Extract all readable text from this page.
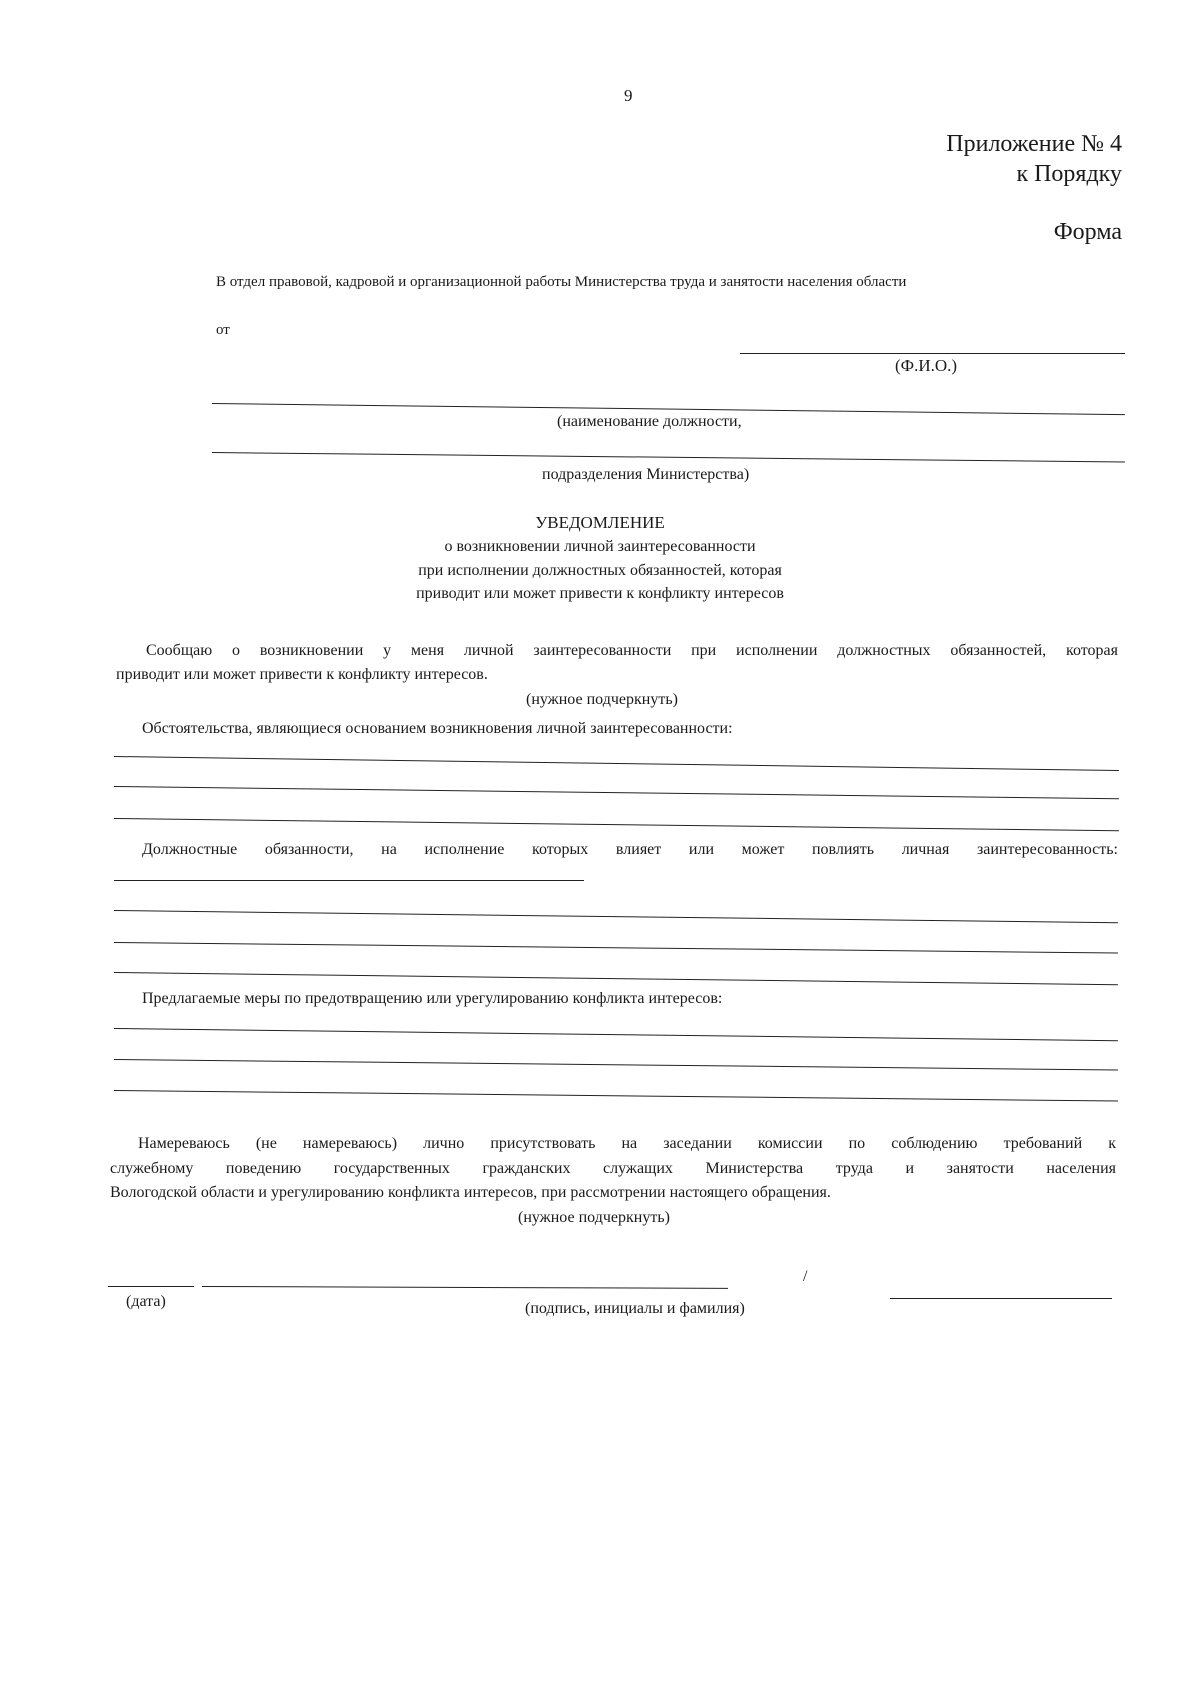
9
Приложение № 4
к Порядку
Форма
В отдел правовой, кадровой и организационной работы Министерства труда и занятости населения области
от
(Ф.И.О.)
(наименование должности,
подразделения Министерства)
УВЕДОМЛЕНИЕ
о возникновении личной заинтересованности
при исполнении должностных обязанностей, которая
приводит или может привести к конфликту интересов
Сообщаю о возникновении у меня личной заинтересованности при исполнении должностных обязанностей, которая
приводит или может привести к конфликту интересов.
(нужное подчеркнуть)
Обстоятельства, являющиеся основанием возникновения личной заинтересованности:
Должностные обязанности, на исполнение которых влияет или может повлиять личная заинтересованность:
Предлагаемые меры по предотвращению или урегулированию конфликта интересов:
Намереваюсь (не намереваюсь) лично присутствовать на заседании комиссии по соблюдению требований к
служебному поведению государственных гражданских служащих Министерства труда и занятости населения
Вологодской области и урегулированию конфликта интересов, при рассмотрении настоящего обращения.
(нужное подчеркнуть)
/
(дата)	(подпись, инициалы и фамилия)
